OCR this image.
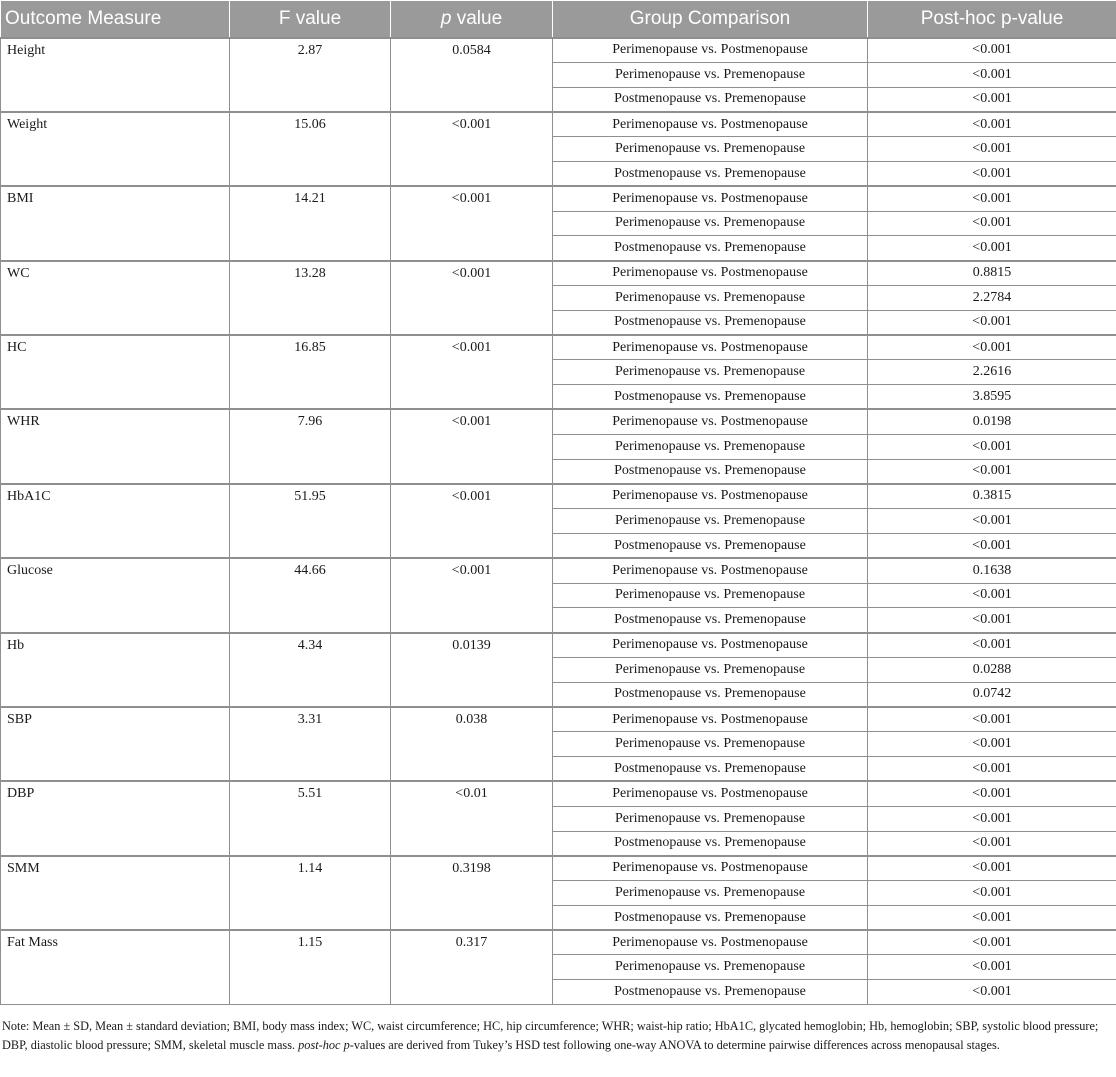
Outcome Measure	F value	p value	Group Comparison	Post-hoc p-value
Height	2.87	0.0584	Perimenopause vs. Postmenopause	<0.001
			Perimenopause vs. Premenopause	<0.001
			Postmenopause vs. Premenopause	<0.001
Weight	15.06	<0.001	Perimenopause vs. Postmenopause	<0.001
			Perimenopause vs. Premenopause	<0.001
			Postmenopause vs. Premenopause	<0.001
BMI	14.21	<0.001	Perimenopause vs. Postmenopause	<0.001
			Perimenopause vs. Premenopause	<0.001
			Postmenopause vs. Premenopause	<0.001
WC	13.28	<0.001	Perimenopause vs. Postmenopause	0.8815
			Perimenopause vs. Premenopause	2.2784
			Postmenopause vs. Premenopause	<0.001
HC	16.85	<0.001	Perimenopause vs. Postmenopause	<0.001
			Perimenopause vs. Premenopause	2.2616
			Postmenopause vs. Premenopause	3.8595
WHR	7.96	<0.001	Perimenopause vs. Postmenopause	0.0198
			Perimenopause vs. Premenopause	<0.001
			Postmenopause vs. Premenopause	<0.001
HbA1C	51.95	<0.001	Perimenopause vs. Postmenopause	0.3815
			Perimenopause vs. Premenopause	<0.001
			Postmenopause vs. Premenopause	<0.001
Glucose	44.66	<0.001	Perimenopause vs. Postmenopause	0.1638
			Perimenopause vs. Premenopause	<0.001
			Postmenopause vs. Premenopause	<0.001
Hb	4.34	0.0139	Perimenopause vs. Postmenopause	<0.001
			Perimenopause vs. Premenopause	0.0288
			Postmenopause vs. Premenopause	0.0742
SBP	3.31	0.038	Perimenopause vs. Postmenopause	<0.001
			Perimenopause vs. Premenopause	<0.001
			Postmenopause vs. Premenopause	<0.001
DBP	5.51	<0.01	Perimenopause vs. Postmenopause	<0.001
			Perimenopause vs. Premenopause	<0.001
			Postmenopause vs. Premenopause	<0.001
SMM	1.14	0.3198	Perimenopause vs. Postmenopause	<0.001
			Perimenopause vs. Premenopause	<0.001
			Postmenopause vs. Premenopause	<0.001
Fat Mass	1.15	0.317	Perimenopause vs. Postmenopause	<0.001
			Perimenopause vs. Premenopause	<0.001
			Postmenopause vs. Premenopause	<0.001
Note: Mean ± SD, Mean ± standard deviation; BMI, body mass index; WC, waist circumference; HC, hip circumference; WHR; waist-hip ratio; HbA1C, glycated hemoglobin; Hb, hemoglobin; SBP, systolic blood pressure; DBP, diastolic blood pressure; SMM, skeletal muscle mass. post-hoc p-values are derived from Tukey’s HSD test following one-way ANOVA to determine pairwise differences across menopausal stages.
